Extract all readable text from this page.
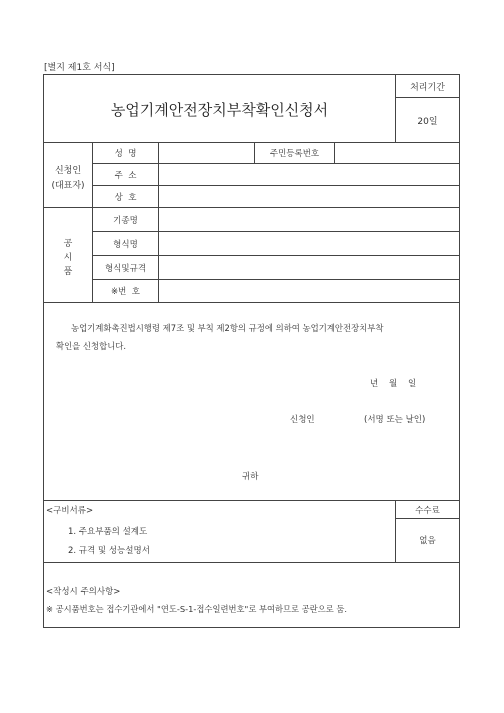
[별지 제1호 서식]
농업기계안전장치부착확인신청서
처리기간
20일
신청인
(대표자)
성  명	주민등록번호
주  소
상  호
공
시
품
기종명
형식명
형식및규격
※번  호
농업기계화촉진법시행령 제7조 및 부칙 제2항의 규정에 의하여 농업기계안전장치부착
확인을 신청합니다.
년    월    일
신청인	(서명 또는 날인)
귀하
<구비서류>
1. 주요부품의 설계도
2. 규격 및 성능설명서
수수료
없음
<작성시 주의사항>
※ 공시품번호는 접수기관에서 "연도-S-1-접수일련번호"로 부여하므로 공란으로 둠.
